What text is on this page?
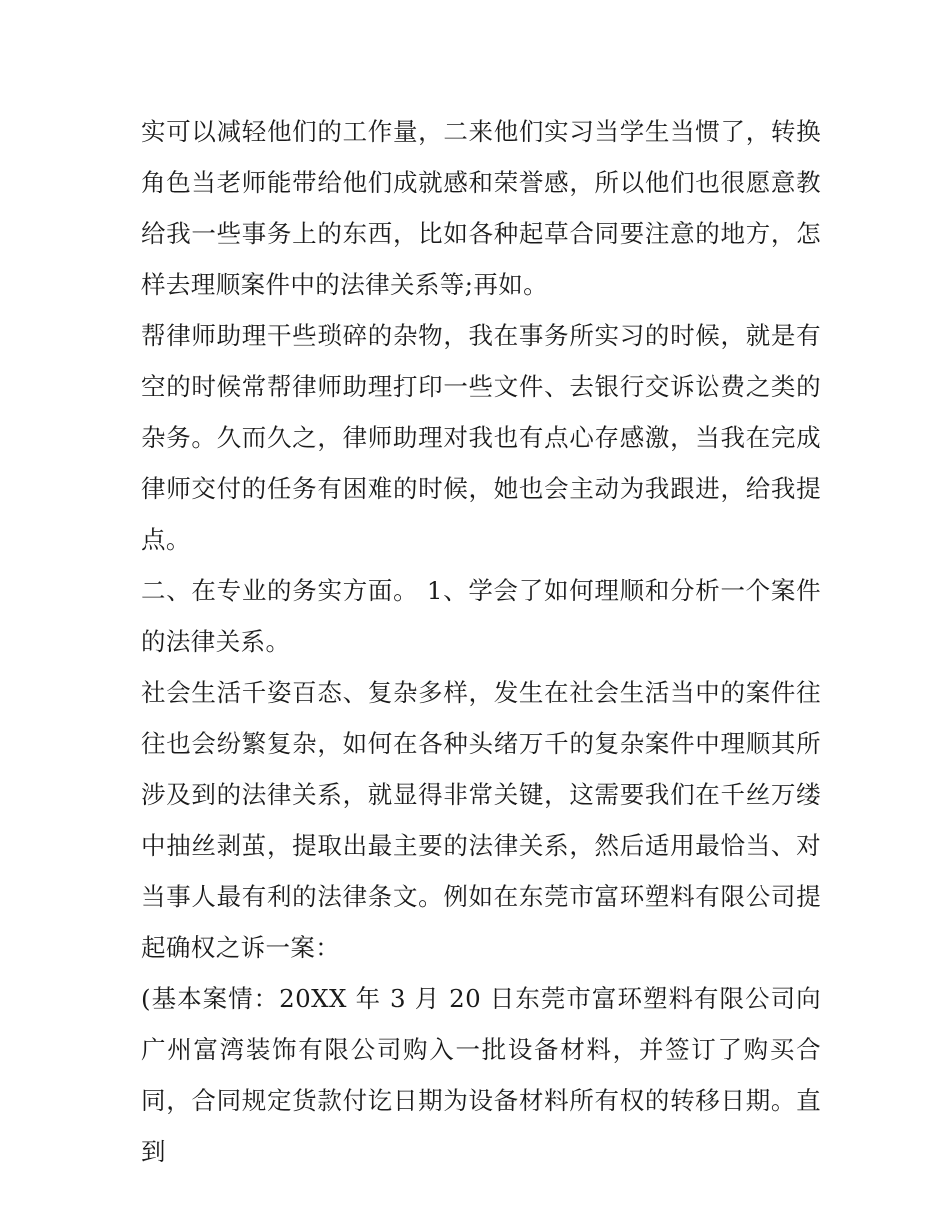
实可以减轻他们的工作量，二来他们实习当学生当惯了，转换角色当老师能带给他们成就感和荣誉感，所以他们也很愿意教给我一些事务上的东西，比如各种起草合同要注意的地方，怎样去理顺案件中的法律关系等;再如。

帮律师助理干些琐碎的杂物，我在事务所实习的时候，就是有空的时候常帮律师助理打印一些文件、去银行交诉讼费之类的杂务。久而久之，律师助理对我也有点心存感激，当我在完成律师交付的任务有困难的时候，她也会主动为我跟进，给我提点。

二、在专业的务实方面。 1、学会了如何理顺和分析一个案件的法律关系。

社会生活千姿百态、复杂多样，发生在社会生活当中的案件往往也会纷繁复杂，如何在各种头绪万千的复杂案件中理顺其所涉及到的法律关系，就显得非常关键，这需要我们在千丝万缕中抽丝剥茧，提取出最主要的法律关系，然后适用最恰当、对当事人最有利的法律条文。例如在东莞市富环塑料有限公司提起确权之诉一案：

(基本案情：20XX 年 3 月 20 日东莞市富环塑料有限公司向广州富湾装饰有限公司购入一批设备材料，并签订了购买合同，合同规定货款付讫日期为设备材料所有权的转移日期。直到
